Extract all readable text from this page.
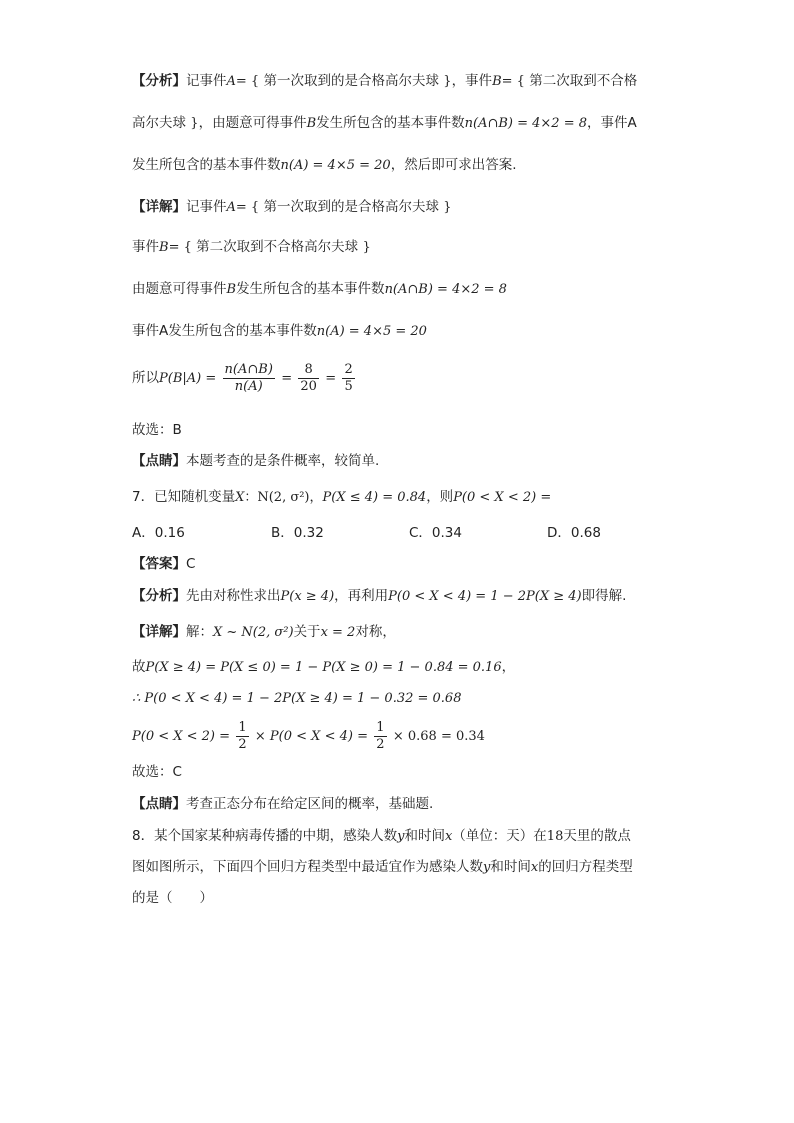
【分析】记事件A= { 第一次取到的是合格高尔夫球 }，事件B= { 第二次取到不合格
高尔夫球 }，由题意可得事件B发生所包含的基本事件数n(A∩B) = 4×2 = 8，事件A
发生所包含的基本事件数n(A) = 4×5 = 20，然后即可求出答案.
【详解】记事件A= { 第一次取到的是合格高尔夫球 }
事件B= { 第二次取到不合格高尔夫球 }
由题意可得事件B发生所包含的基本事件数n(A∩B) = 4×2 = 8
事件A发生所包含的基本事件数n(A) = 4×5 = 20
所以$P(B|A) = \frac{n(A\cap B)}{n(A)} = \frac{8}{20} = \frac{2}{5}$
故选：B
【点睛】本题考查的是条件概率，较简单.
7．已知随机变量X：N(2, σ²)，P(X ≤ 4) = 0.84，则P(0 < X < 2) =
A．0.16	B．0.32	C．0.34	D．0.68
【答案】C
【分析】先由对称性求出P(x ≥ 4)，再利用P(0 < X < 4) = 1 − 2P(X ≥ 4)即得解.
【详解】解：X ~ N(2, σ²)关于x = 2对称，
故P(X ≥ 4) = P(X ≤ 0) = 1 − P(X ≥ 0) = 1 − 0.84 = 0.16，
∴ P(0 < X < 4) = 1 − 2P(X ≥ 4) = 1 − 0.32 = 0.68
$P(0 < X < 2) = \frac{1}{2} \times P(0 < X < 4) = \frac{1}{2} \times 0.68 = 0.34$
故选：C
【点睛】考查正态分布在给定区间的概率，基础题.
8．某个国家某种病毒传播的中期，感染人数y和时间x（单位：天）在18天里的散点
图如图所示，下面四个回归方程类型中最适宜作为感染人数y和时间x的回归方程类型
的是（　　）
